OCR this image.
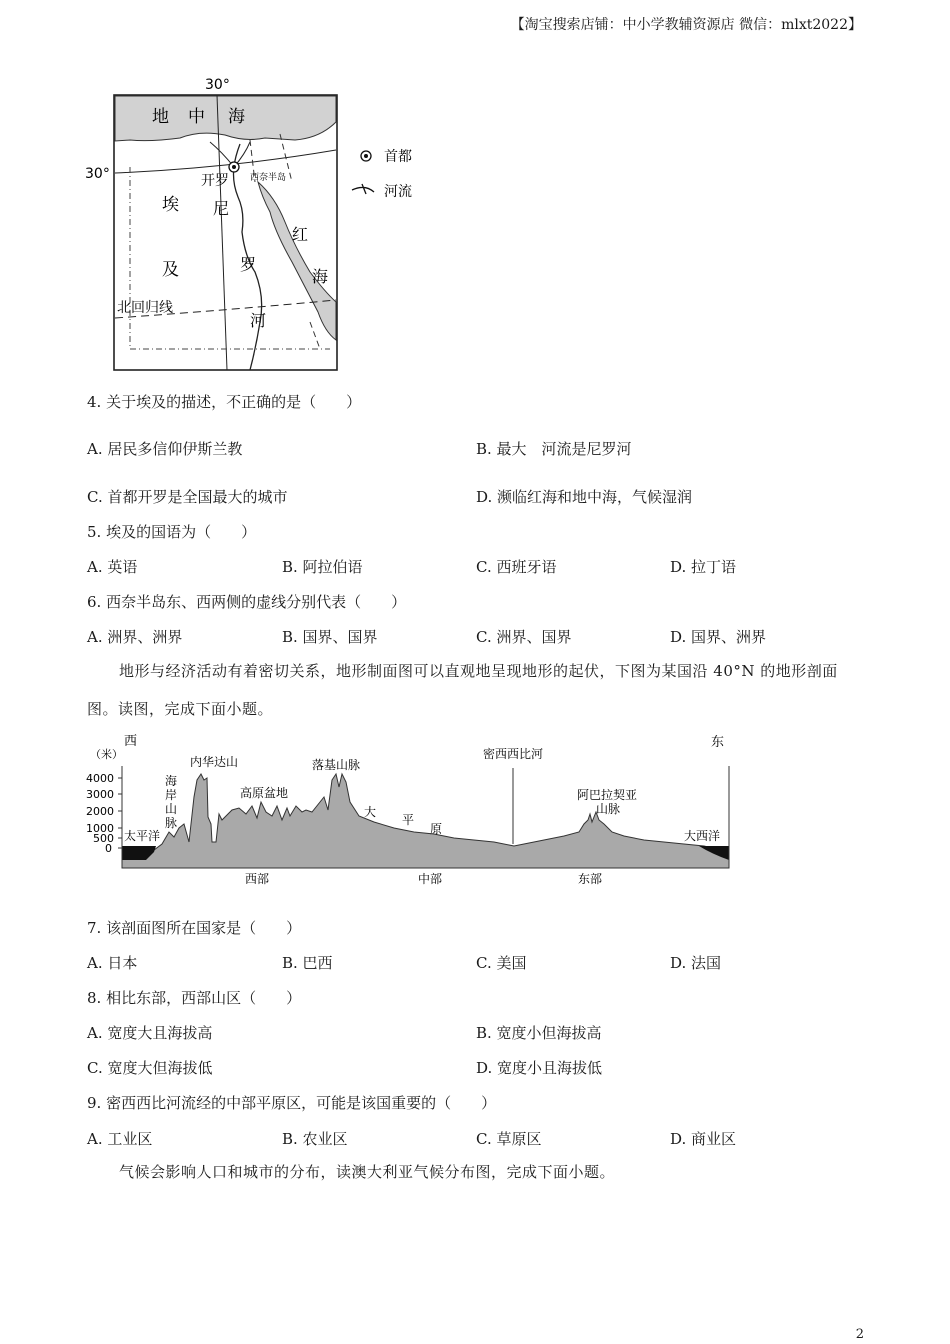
【淘宝搜索店铺：中小学教辅资源店 微信：mlxt2022】
30°
30°
地 中 海
开罗 西奈半岛
埃
及
尼
罗
河
红
海
北回归线
首都
河流
4. 关于埃及的描述，不正确的是（　　）
A. 居民多信仰伊斯兰教	B. 最大　河流是尼罗河
C. 首都开罗是全国最大的城市	D. 濒临红海和地中海，气候湿润
5. 埃及的国语为（　　）
A. 英语	B. 阿拉伯语	C. 西班牙语	D. 拉丁语
6. 西奈半岛东、西两侧的虚线分别代表（　　）
A. 洲界、洲界	B. 国界、国界	C. 洲界、国界	D. 国界、洲界
地形与经济活动有着密切关系，地形制面图可以直观地呈现地形的起伏，下图为某国沿 40°N 的地形剖面图。读图，完成下面小题。
西	东
（米）
4000
3000
2000
1000
500
0
太平洋	大西洋
海
岸
山
脉
内华达山
高原盆地
落基山脉
大
平
原
密西西比河
阿巴拉契亚
山脉
西部	中部	东部
7. 该剖面图所在国家是（　　）
A. 日本	B. 巴西	C. 美国	D. 法国
8. 相比东部，西部山区（　　）
A. 宽度大且海拔高	B. 宽度小但海拔高
C. 宽度大但海拔低	D. 宽度小且海拔低
9. 密西西比河流经的中部平原区，可能是该国重要的（　　）
A. 工业区	B. 农业区	C. 草原区	D. 商业区
气候会影响人口和城市的分布，读澳大利亚气候分布图，完成下面小题。
2
